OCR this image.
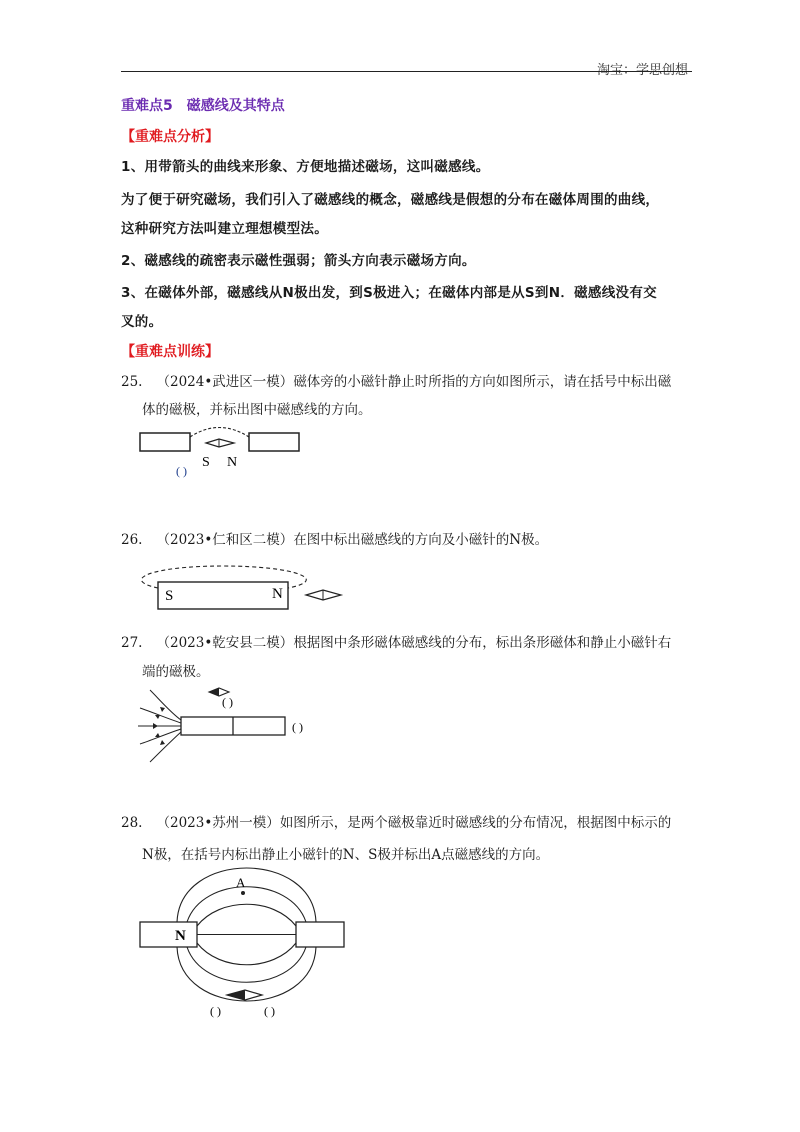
淘宝：学思创想
重难点5　磁感线及其特点
【重难点分析】
1、用带箭头的曲线来形象、方便地描述磁场，这叫磁感线。
为了便于研究磁场，我们引入了磁感线的概念，磁感线是假想的分布在磁体周围的曲线，
这种研究方法叫建立理想模型法。
2、磁感线的疏密表示磁性强弱；箭头方向表示磁场方向。
3、在磁体外部，磁感线从N极出发，到S极进入；在磁体内部是从S到N．磁感线没有交
叉的。
【重难点训练】
25. （2024•武进区一模）磁体旁的小磁针静止时所指的方向如图所示，请在括号中标出磁
体的磁极，并标出图中磁感线的方向。
S N
( )
26. （2023•仁和区二模）在图中标出磁感线的方向及小磁针的N极。
S	N
27. （2023•乾安县二模）根据图中条形磁体磁感线的分布，标出条形磁体和静止小磁针右
端的磁极。
( )
( )
28. （2023•苏州一模）如图所示，是两个磁极靠近时磁感线的分布情况，根据图中标示的
N极，在括号内标出静止小磁针的N、S极并标出A点磁感线的方向。
N
A
( )	( )
